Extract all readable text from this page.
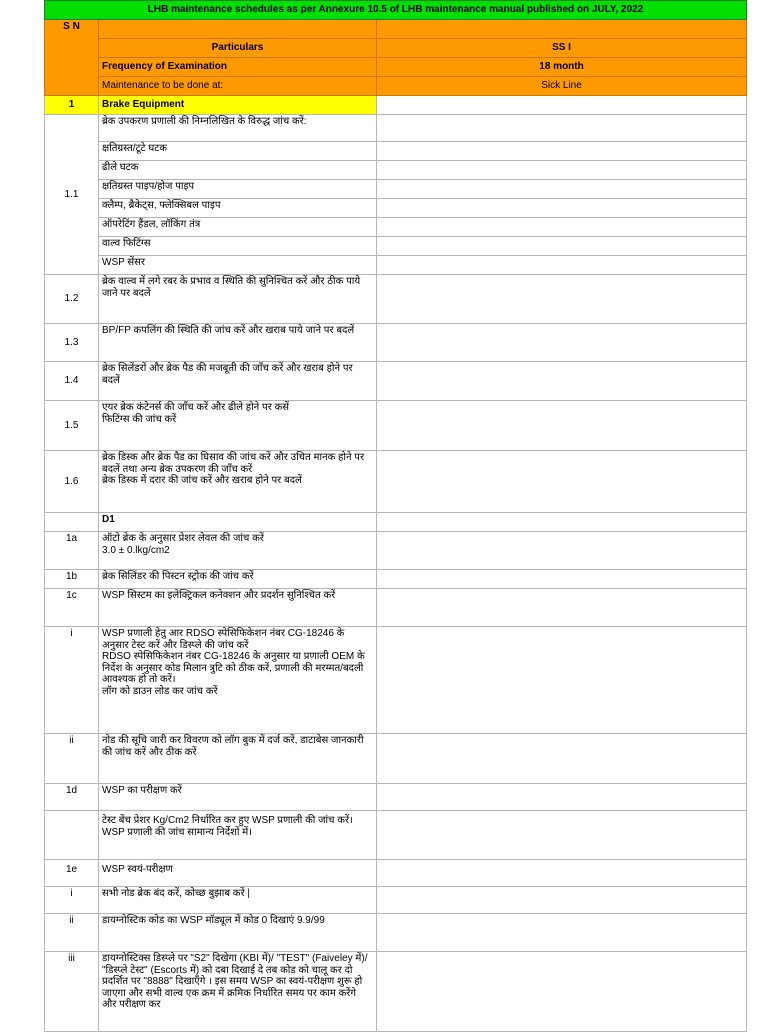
LHB maintenance schedules as per Annexure 10.5 of LHB maintenance manual published on JULY, 2022		
S N		
	Particulars	SS I
	Frequency of Examination	18 month
	Maintenance to be done at:	Sick Line
1	Brake Equipment	
1.1	ब्रेक उपकरण प्रणाली की निम्नलिखित के विरुद्ध जांच करें:	
	क्षतिग्रस्त/टूटे घटक	
	ढीले घटक	
	क्षतिग्रस्त पाइप/होज पाइप	
	क्लैम्प, ब्रैकेट्स, फ्लेक्सिबल पाइप	
	ऑपरेटिंग हैंडल, लॉकिंग तंत्र	
	वाल्व फिटिंग्स	
	WSP सेंसर	
1.2	ब्रेक वाल्व में लगे रबर के प्रभाव व स्थिति की सुनिश्चित करें और ठीक पाये जाने पर बदलें	
1.3	BP/FP कपलिंग की स्थिति की जांच करें और खराब पाये जाने पर बदलें	
1.4	ब्रेक सिलेंडरों और ब्रेक पैड की मजबूती की जाँच करें और खराब होने पर बदलें	
1.5	एयर ब्रेक कंटेनर्स की जाँच करें और ढीले होने पर कसें
फिटिंग्स की जांच करें	
1.6	ब्रेक डिस्क और ब्रेक पैड का घिसाव की जांच करें और उचित मानक होने पर बदलें तथा अन्य ब्रेक उपकरण की जाँच करें
ब्रेक डिस्क में दरार की जांच करें और खराब होने पर बदलें	
	D1	
1a	ऑटो ब्रेक के अनुसार प्रेशर लेवल की जांच करें
3.0 ± 0.lkg/cm2	
1b	ब्रेक सिलिंडर की पिस्टन स्ट्रोक की जांच करें	
1c	WSP सिस्टम का इलेक्ट्रिकल कनेक्शन और प्रदर्शन सुनिश्चित करें	
i	WSP प्रणाली हेतु आर RDSO स्पेसिफिकेशन नंबर CG-18246 के अनुसार टेस्ट करें और डिस्प्ले की जांच करें
RDSO स्पेसिफिकेशन नंबर CG-18246 के अनुसार या प्रणाली OEM के निर्देश के अनुसार कोड मिलान त्रुटि को ठीक करें, प्रणाली की मरम्मत/बदली आवश्यक हो तो करें।
लॉग को डाउन लोड कर जांच करें	
ii	नोड की सूचि जारी कर विवरण को लॉग बुक में दर्ज करें, डाटाबेस जानकारी की जांच करें और ठीक करें	
1d	WSP का परीक्षण करें	
	टेस्ट बेंच प्रेशर Kg/Cm2 निर्धारित कर हुए WSP प्रणाली की जांच करें। WSP प्रणाली की जांच सामान्य निर्देशों में।	
1e	WSP स्वयं-परीक्षण	
i	सभी नोड ब्रेक बंद करें, कोच्छ बुझाब करें |	
ii	डायग्नोस्टिक कोड का WSP मॉड्यूल में कोड 0 दिखाएं 9.9/99	
iii	डायग्नोस्टिक्स डिस्प्ले पर "S2" दिखेगा (KBI में)/ "TEST" (Faiveley में)/ "डिस्प्ले टेस्ट" (Escorts में) को दबा दिखाई दे तब कोड को चालू कर दो प्रदर्शित पर "8888" दिखाएँगे । इस समय WSP का स्वयं-परीक्षण शुरू हो जाएगा और सभी वाल्व एक क्रम में क्रमिक निर्धारित समय पर काम करेंगे और परीक्षण कर	
